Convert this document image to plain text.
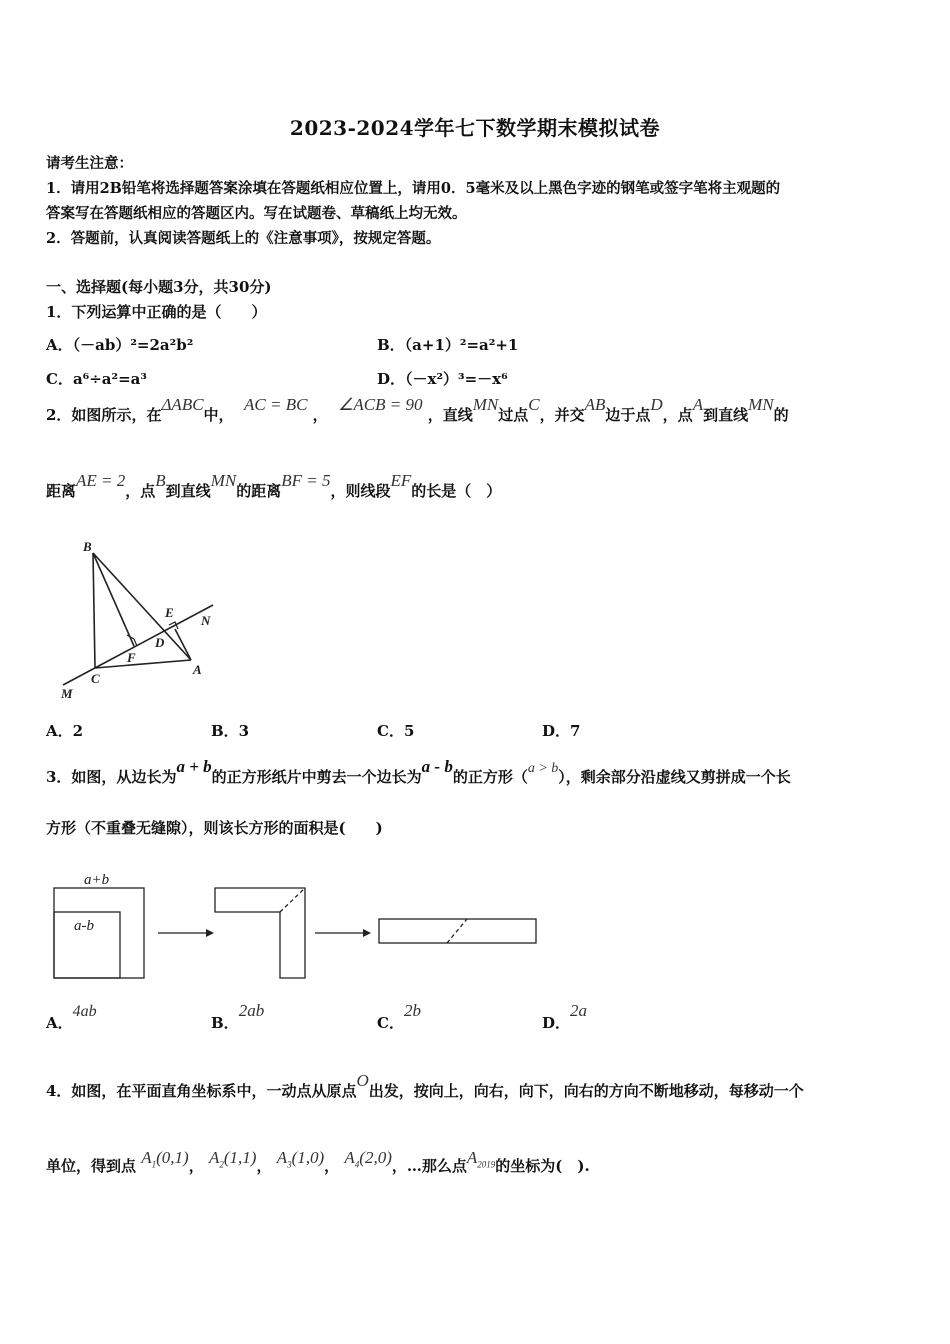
2023-2024学年七下数学期末模拟试卷
请考生注意：
1．请用2B铅笔将选择题答案涂填在答题纸相应位置上，请用0．5毫米及以上黑色字迹的钢笔或签字笔将主观题的
答案写在答题纸相应的答题区内。写在试题卷、草稿纸上均无效。
2．答题前，认真阅读答题纸上的《注意事项》，按规定答题。
一、选择题(每小题3分，共30分)
1．下列运算中正确的是（　　）
A．（－ab）²=2a²b²	B．（a+1）²=a²+1
C．a⁶÷a²=a³	D．（－x²）³=－x⁶
2．如图所示，在ΔABC中，  AC = BC ，  ∠ACB = 90 ，直线MN过点C，并交AB边于点D，点A到直线MN的
距离AE = 2，点B到直线MN的距离BF = 5，则线段EF的长是（　）
B
E
N
F
D
C
A
M
A．2	B．3	C．5	D．7
3．如图，从边长为a + b的正方形纸片中剪去一个边长为a - b的正方形（a > b），剩余部分沿虚线又剪拼成一个长
方形（不重叠无缝隙），则该长方形的面积是(　　)
a+b
a-b
A．4ab
B．2ab
C．2b
D．2a
4．如图，在平面直角坐标系中，一动点从原点O出发，按向上，向右，向下，向右的方向不断地移动，每移动一个
单位，得到点 $A_1(0,1)$， $A_2(1,1)$， $A_3(1,0)$， $A_4(2,0)$，…那么点$A_{2019}$的坐标为(　).
